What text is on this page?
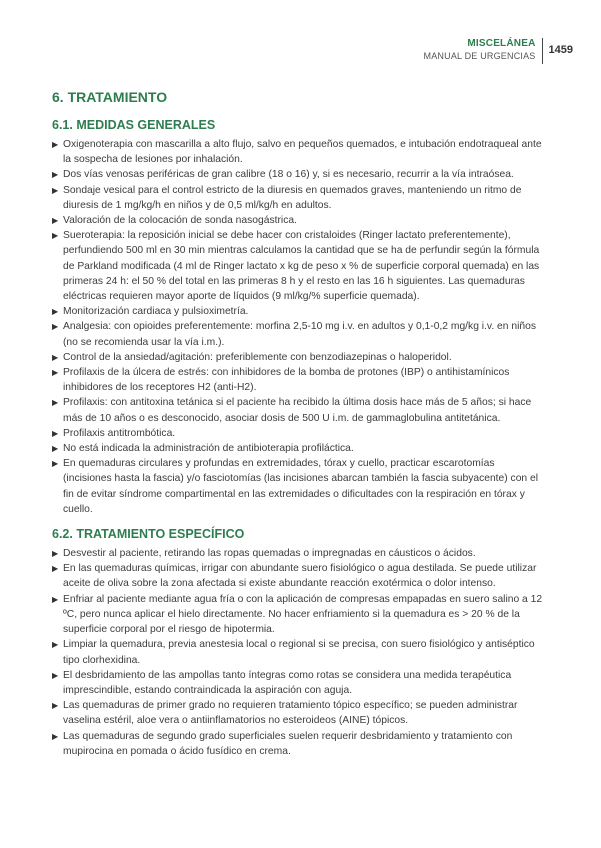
MISCELÁNEA
MANUAL DE URGENCIAS	1459
6. TRATAMIENTO
6.1. MEDIDAS GENERALES
▶ Oxigenoterapia con mascarilla a alto flujo, salvo en pequeños quemados, e intubación endotraqueal ante la sospecha de lesiones por inhalación.
▶ Dos vías venosas periféricas de gran calibre (18 o 16) y, si es necesario, recurrir a la vía intraósea.
▶ Sondaje vesical para el control estricto de la diuresis en quemados graves, manteniendo un ritmo de diuresis de 1 mg/kg/h en niños y de 0,5 ml/kg/h en adultos.
▶ Valoración de la colocación de sonda nasogástrica.
▶ Sueroterapia: la reposición inicial se debe hacer con cristaloides (Ringer lactato preferentemente), perfundiendo 500 ml en 30 min mientras calculamos la cantidad que se ha de perfundir según la fórmula de Parkland modificada (4 ml de Ringer lactato x kg de peso x % de superficie corporal quemada) en las primeras 24 h: el 50 % del total en las primeras 8 h y el resto en las 16 h siguientes. Las quemaduras eléctricas requieren mayor aporte de líquidos (9 ml/kg/% superficie quemada).
▶ Monitorización cardiaca y pulsioximetría.
▶ Analgesia: con opioides preferentemente: morfina 2,5-10 mg i.v. en adultos y 0,1-0,2 mg/kg i.v. en niños (no se recomienda usar la vía i.m.).
▶ Control de la ansiedad/agitación: preferiblemente con benzodiazepinas o haloperidol.
▶ Profilaxis de la úlcera de estrés: con inhibidores de la bomba de protones (IBP) o antihistamínicos inhibidores de los receptores H2 (anti-H2).
▶ Profilaxis: con antitoxina tetánica si el paciente ha recibido la última dosis hace más de 5 años; si hace más de 10 años o es desconocido, asociar dosis de 500 U i.m. de gammaglobulina antitetánica.
▶ Profilaxis antitrombótica.
▶ No está indicada la administración de antibioterapia profiláctica.
▶ En quemaduras circulares y profundas en extremidades, tórax y cuello, practicar escarotomías (incisiones hasta la fascia) y/o fasciotomías (las incisiones abarcan también la fascia subyacente) con el fin de evitar síndrome compartimental en las extremidades o dificultades con la respiración en tórax y cuello.
6.2. TRATAMIENTO ESPECÍFICO
▶ Desvestir al paciente, retirando las ropas quemadas o impregnadas en cáusticos o ácidos.
▶ En las quemaduras químicas, irrigar con abundante suero fisiológico o agua destilada. Se puede utilizar aceite de oliva sobre la zona afectada si existe abundante reacción exotérmica o dolor intenso.
▶ Enfriar al paciente mediante agua fría o con la aplicación de compresas empapadas en suero salino a 12 ºC, pero nunca aplicar el hielo directamente. No hacer enfriamiento si la quemadura es > 20 % de la superficie corporal por el riesgo de hipotermia.
▶ Limpiar la quemadura, previa anestesia local o regional si se precisa, con suero fisiológico y antiséptico tipo clorhexidina.
▶ El desbridamiento de las ampollas tanto íntegras como rotas se considera una medida terapéutica imprescindible, estando contraindicada la aspiración con aguja.
▶ Las quemaduras de primer grado no requieren tratamiento tópico específico; se pueden administrar vaselina estéril, aloe vera o antiinflamatorios no esteroideos (AINE) tópicos.
▶ Las quemaduras de segundo grado superficiales suelen requerir desbridamiento y tratamiento con mupirocina en pomada o ácido fusídico en crema.
